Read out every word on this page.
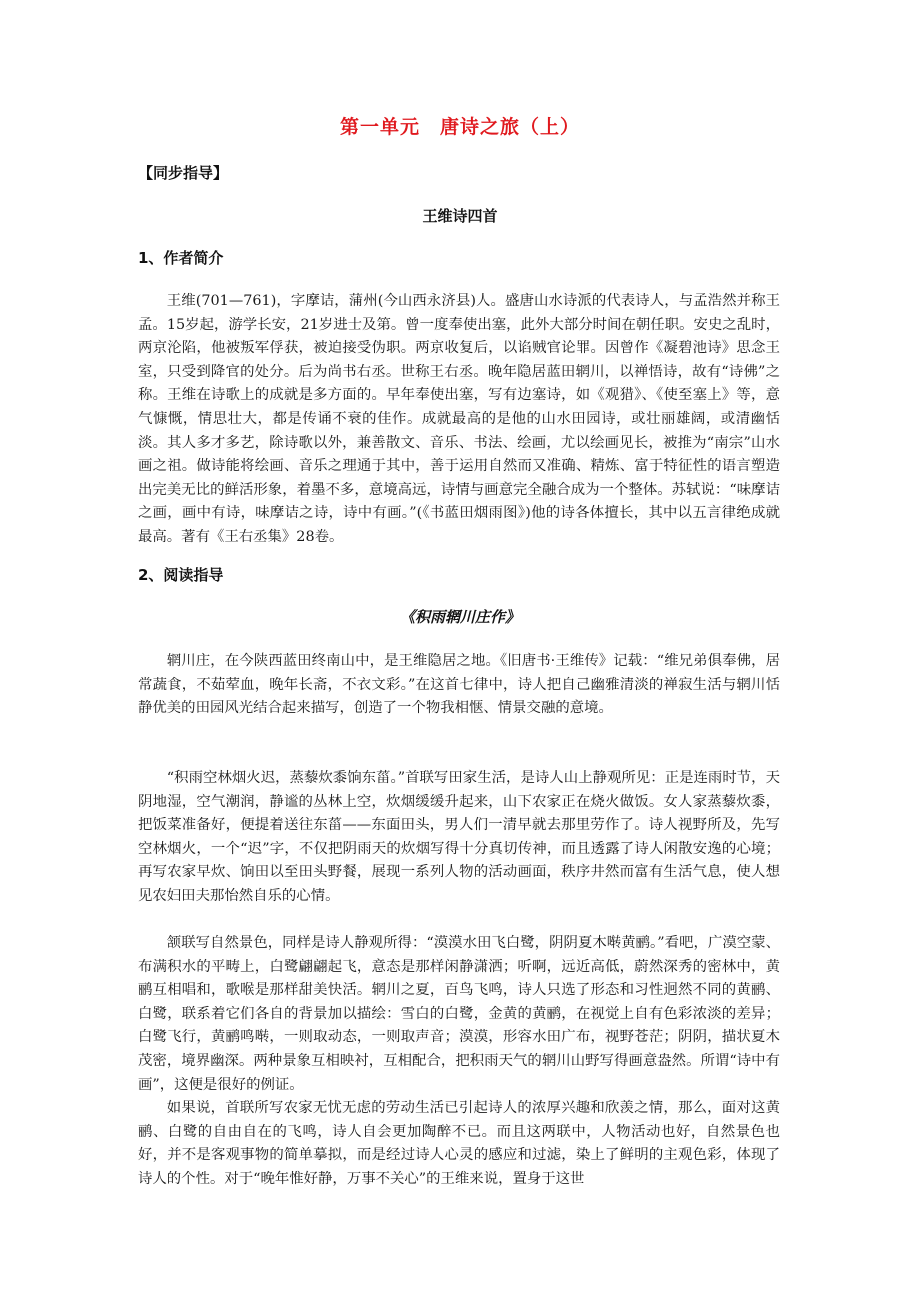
第一单元　唐诗之旅（上）
【同步指导】
王维诗四首
1、作者简介
王维(701—761)，字摩诘，蒲州(今山西永济县)人。盛唐山水诗派的代表诗人，与孟浩然并称王孟。15岁起，游学长安，21岁进士及第。曾一度奉使出塞，此外大部分时间在朝任职。安史之乱时，两京沦陷，他被叛军俘获，被迫接受伪职。两京收复后，以谄贼官论罪。因曾作《凝碧池诗》思念王室，只受到降官的处分。后为尚书右丞。世称王右丞。晚年隐居蓝田辋川，以禅悟诗，故有“诗佛”之称。王维在诗歌上的成就是多方面的。早年奉使出塞，写有边塞诗，如《观猎》、《使至塞上》等，意气慷慨，情思壮大，都是传诵不衰的佳作。成就最高的是他的山水田园诗，或壮丽雄阔，或清幽恬淡。其人多才多艺，除诗歌以外，兼善散文、音乐、书法、绘画，尤以绘画见长，被推为“南宗”山水画之祖。做诗能将绘画、音乐之理通于其中，善于运用自然而又准确、精炼、富于特征性的语言塑造出完美无比的鲜活形象，着墨不多，意境高远，诗情与画意完全融合成为一个整体。苏轼说：“味摩诘之画，画中有诗，味摩诘之诗，诗中有画。”(《书蓝田烟雨图》)他的诗各体擅长，其中以五言律绝成就最高。著有《王右丞集》28卷。
2、阅读指导
《积雨辋川庄作》
辋川庄，在今陕西蓝田终南山中，是王维隐居之地。《旧唐书·王维传》记载：“维兄弟俱奉佛，居常蔬食，不茹荤血，晚年长斋，不衣文彩。”在这首七律中，诗人把自己幽雅清淡的禅寂生活与辋川恬静优美的田园风光结合起来描写，创造了一个物我相惬、情景交融的意境。
“积雨空林烟火迟，蒸藜炊黍饷东菑。”首联写田家生活，是诗人山上静观所见：正是连雨时节，天阴地湿，空气潮润，静谧的丛林上空，炊烟缓缓升起来，山下农家正在烧火做饭。女人家蒸藜炊黍，把饭菜准备好，便提着送往东菑——东面田头，男人们一清早就去那里劳作了。诗人视野所及，先写空林烟火，一个“迟”字，不仅把阴雨天的炊烟写得十分真切传神，而且透露了诗人闲散安逸的心境；再写农家早炊、饷田以至田头野餐，展现一系列人物的活动画面，秩序井然而富有生活气息，使人想见农妇田夫那怡然自乐的心情。
颔联写自然景色，同样是诗人静观所得：“漠漠水田飞白鹭，阴阴夏木啭黄鹂。”看吧，广漠空蒙、布满积水的平畴上，白鹭翩翩起飞，意态是那样闲静潇洒；听啊，远近高低，蔚然深秀的密林中，黄鹂互相唱和，歌喉是那样甜美快活。辋川之夏，百鸟飞鸣，诗人只选了形态和习性迥然不同的黄鹂、白鹭，联系着它们各自的背景加以描绘：雪白的白鹭，金黄的黄鹂，在视觉上自有色彩浓淡的差异；白鹭飞行，黄鹂鸣啭，一则取动态，一则取声音；漠漠，形容水田广布，视野苍茫；阴阴，描状夏木茂密，境界幽深。两种景象互相映衬，互相配合，把积雨天气的辋川山野写得画意盎然。所谓“诗中有画”，这便是很好的例证。
如果说，首联所写农家无忧无虑的劳动生活已引起诗人的浓厚兴趣和欣羡之情，那么，面对这黄鹂、白鹭的自由自在的飞鸣，诗人自会更加陶醉不已。而且这两联中，人物活动也好，自然景色也好，并不是客观事物的简单摹拟，而是经过诗人心灵的感应和过滤，染上了鲜明的主观色彩，体现了诗人的个性。对于“晚年惟好静，万事不关心”的王维来说，置身于这世
